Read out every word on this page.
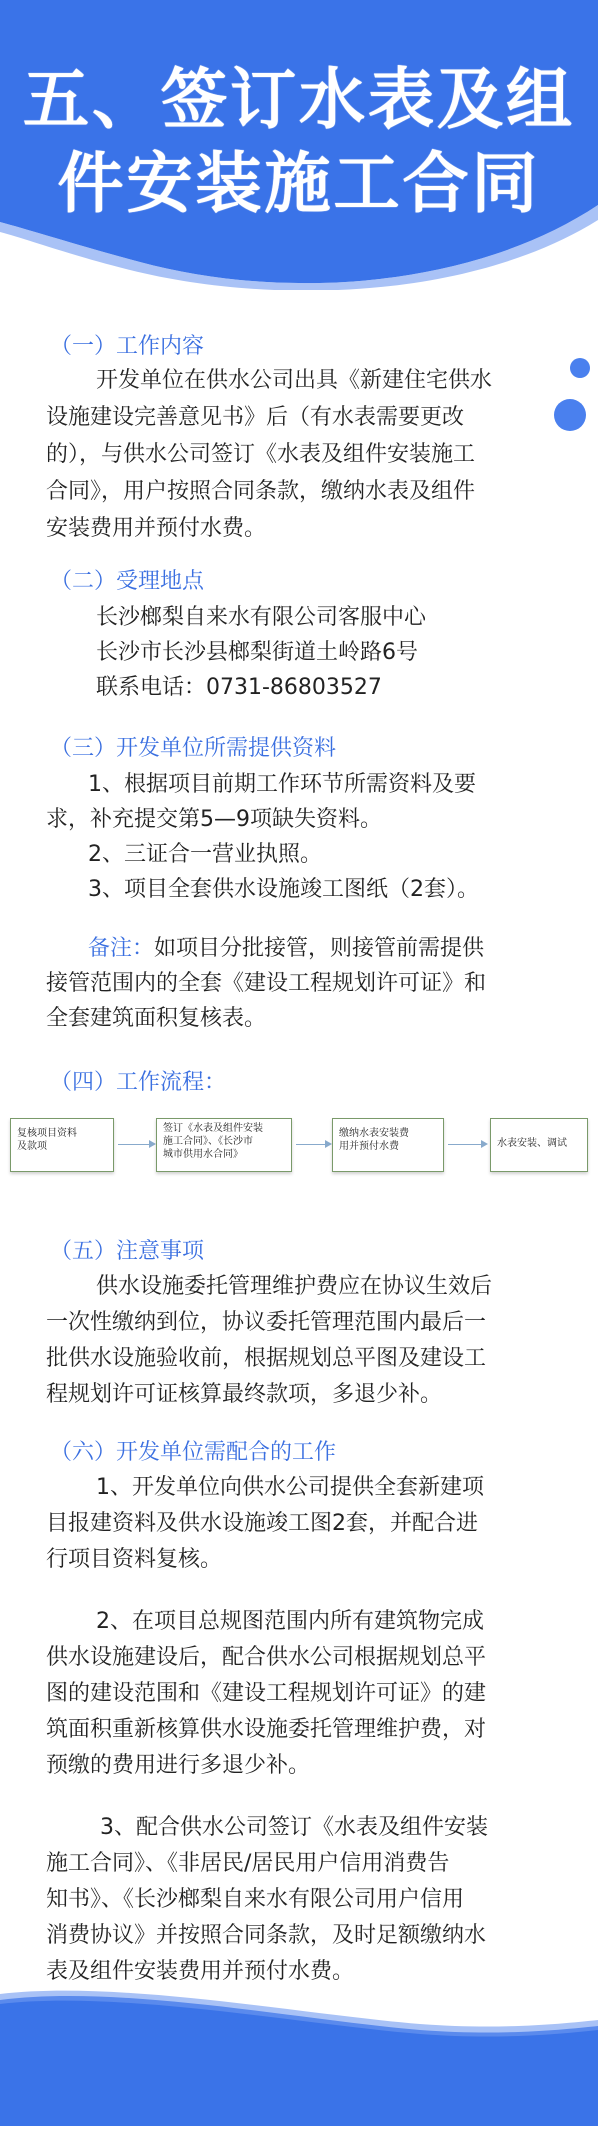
五、签订水表及组
件安装施工合同
（一）工作内容
开发单位在供水公司出具《新建住宅供水
设施建设完善意见书》后（有水表需要更改
的），与供水公司签订《水表及组件安装施工
合同》，用户按照合同条款，缴纳水表及组件
安装费用并预付水费。
（二）受理地点
长沙榔梨自来水有限公司客服中心
长沙市长沙县榔梨街道土岭路6号
联系电话：0731-86803527
（三）开发单位所需提供资料
1、根据项目前期工作环节所需资料及要
求，补充提交第5—9项缺失资料。
2、三证合一营业执照。
3、项目全套供水设施竣工图纸（2套）。
备注：如项目分批接管，则接管前需提供
接管范围内的全套《建设工程规划许可证》和
全套建筑面积复核表。
（四）工作流程：
复核项目资料
及款项
签订《水表及组件安装
施工合同》、《长沙市
城市供用水合同》
缴纳水表安装费
用并预付水费	水表安装、调试
（五）注意事项
供水设施委托管理维护费应在协议生效后
一次性缴纳到位，协议委托管理范围内最后一
批供水设施验收前，根据规划总平图及建设工
程规划许可证核算最终款项，多退少补。
（六）开发单位需配合的工作
1、开发单位向供水公司提供全套新建项
目报建资料及供水设施竣工图2套，并配合进
行项目资料复核。
2、在项目总规图范围内所有建筑物完成
供水设施建设后，配合供水公司根据规划总平
图的建设范围和《建设工程规划许可证》的建
筑面积重新核算供水设施委托管理维护费，对
预缴的费用进行多退少补。
3、配合供水公司签订《水表及组件安装
施工合同》、《非居民/居民用户信用消费告
知书》、《长沙榔梨自来水有限公司用户信用
消费协议》并按照合同条款，及时足额缴纳水
表及组件安装费用并预付水费。
